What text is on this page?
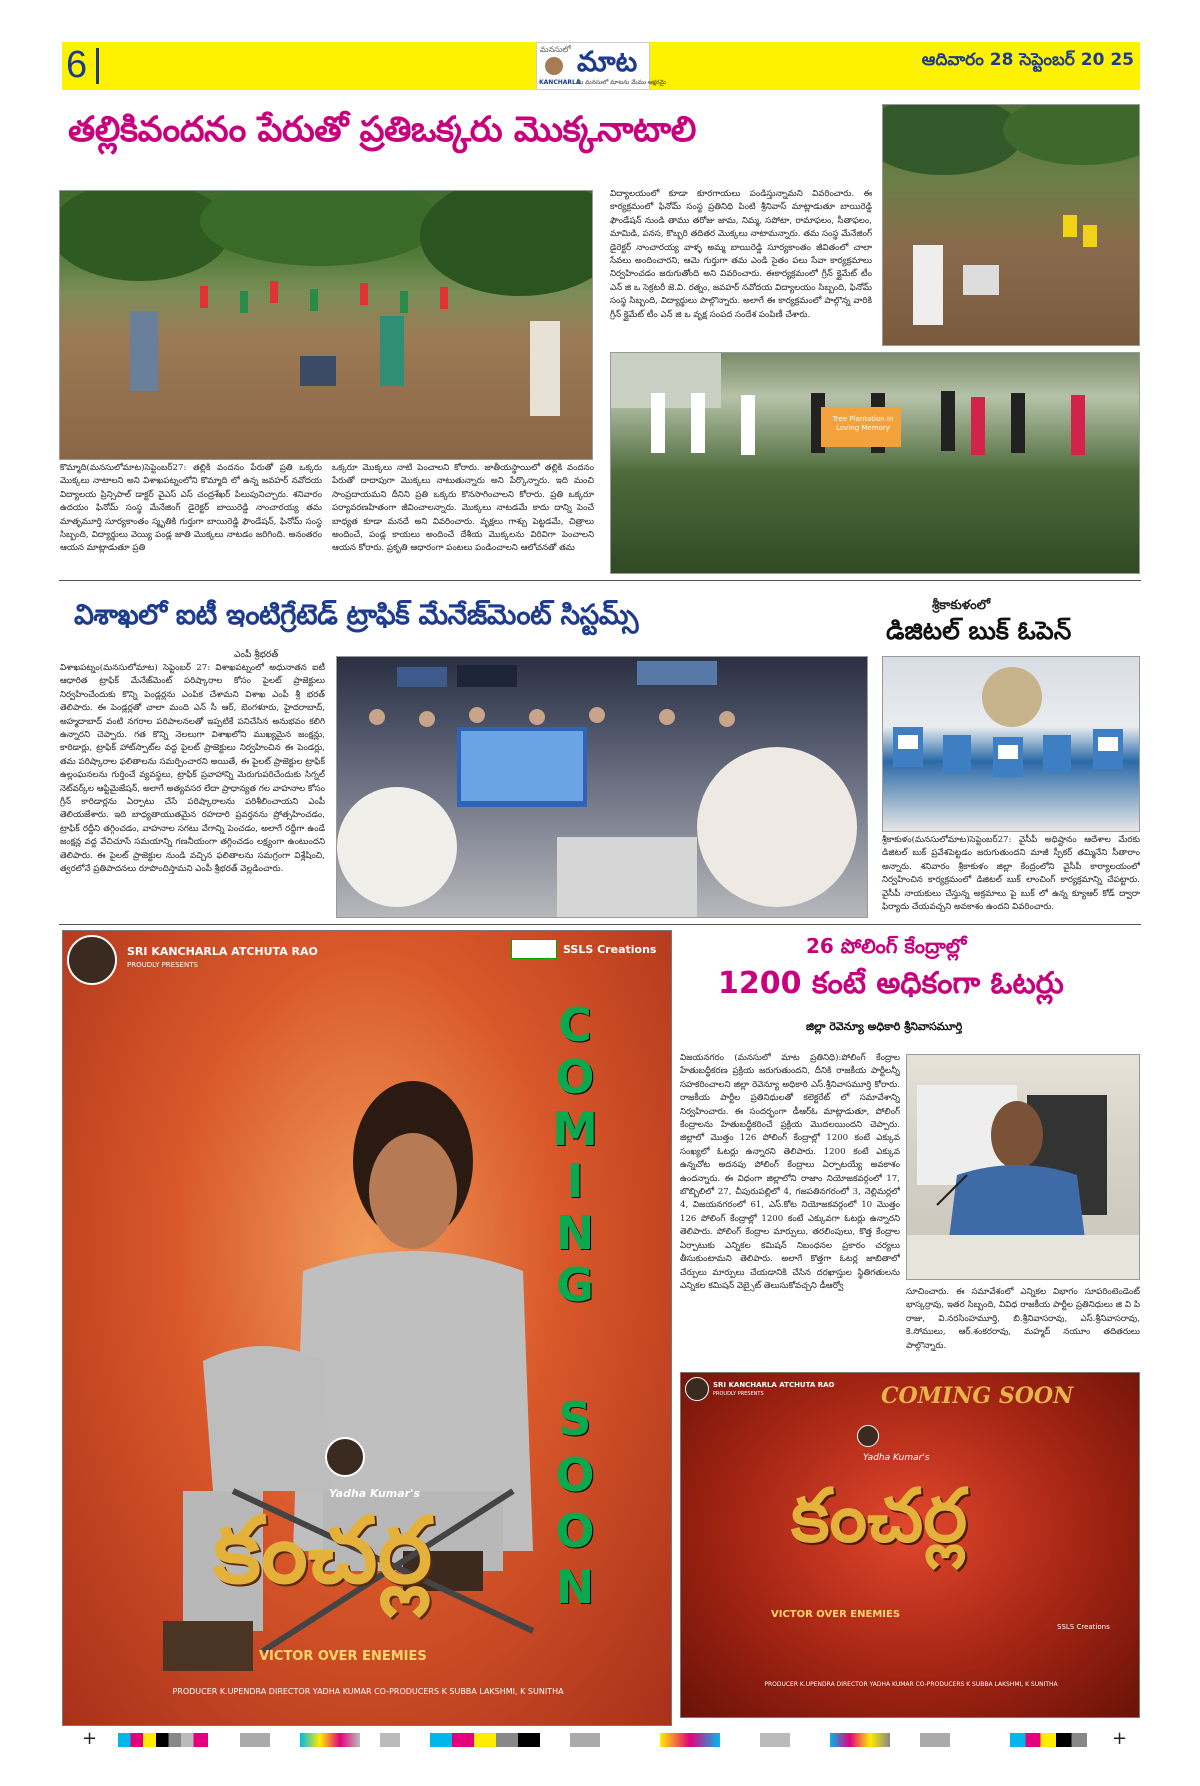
6	మనసులో మాట
KANCHARLA
మీ మనసులో మాటను మేము ఆక్షరమై
ఆదివారం 28 సెప్టెంబర్ 20 25
తల్లికివందనం పేరుతో ప్రతిఒక్కరు మొక్కనాటాలి
Tree Plantation In Loving Memory
కొమ్మాది(మనసులోమాట)సెప్టెంబర్27: తల్లికి వందనం పేరుతో ప్రతి ఒక్కరు మొక్కలు నాటాలని అని విశాఖపట్నంలోని కొమ్మాది లో ఉన్న జవహర్ నవోదయ విద్యాలయ ప్రిన్సిపాల్ డాక్టర్ వైఎస్ ఎస్ చంద్రశేఖర్ పిలుపునిచ్చారు. శనివారం ఉదయం ఫినోమ్ సంస్థ మేనేజింగ్ డైరెక్టర్ బాయిరెడ్డి నాంచారయ్య తమ మాతృమూర్తి సూర్యకాంతం స్మృతికి గుర్తుగా బాయిరెడ్డి ఫౌండేషన్, ఫినోమ్ సంస్థ సిబ్బంది, విద్యార్థులు వెయ్యి పండ్ల జాతి మొక్కలు నాటడం జరిగింది. అనంతరం ఆయన మాట్లాడుతూ ప్రతి
ఒక్కరూ మొక్కలు నాటి పెంచాలని కోరారు. జాతీయస్థాయిలో తల్లికి వందనం పేరుతో దాదాపుగా మొక్కలు నాటుతున్నారు అని పేర్కొన్నారు. ఇది మంచి సాంప్రదాయమని దీనిని ప్రతి ఒక్కరు కొనసాగించాలని కోరారు. ప్రతి ఒక్కరూ పర్యావరణహితంగా జీవించాలన్నారు. మొక్కలు నాటడమే కాదు దాన్ని పెంచే బాధ్యత కూడా మనదే అని వివరించారు. వృక్షలు గాశ్చు పెట్టడమే, చిత్రాలు అందించే, పండ్ల కాయలు అందించే దేశీయ మొక్కలను విరివిగా పెంచాలని ఆయన కోరారు. ప్రకృతి ఆధారంగా పంటలు పండించాలని ఆలోచనతో తమ
విద్యాలయంలో కూడా కూరగాయలు పండిస్తున్నామని వివరించారు. ఈ కార్యక్రమంలో ఫినోమ్ సంస్థ ప్రతినిధి పింటి శ్రీనివాస్ మాట్లాడుతూ బాయిరెడ్డి ఫౌండేషన్ నుండి తాము తరోజు జామ, నిమ్మ, సపోటా, రామాఫలం, సీతాఫలం, మామిడి, పనస, కొబ్బరి తదితర మొక్కలు నాటామన్నారు. తమ సంస్థ మేనేజింగ్ డైరెక్టర్ నాంచారయ్య వాళ్ళ అమ్మ బాయిరెడ్డి సూర్యకాంతం జీవితంలో చాలా సేవలు అందించారని, ఆమె గుర్తుగా తమ ఎండి సైతం పలు సేవా కార్యక్రమాలు నిర్వహించడం జరుగుతోంది అని వివరించారు. ఈకార్యక్రమంలో గ్రీన్ క్లైమేట్ టీం ఎన్ జి ఒ సెక్రటరీ జె.వి. రత్నం, జవహర్ నవోదయ విద్యాలయం సిబ్బంది, ఫినోమ్ సంస్థ సిబ్బంది, విద్యార్థులు పాల్గొన్నారు. అలాగే ఈ కార్యక్రమంలో పాల్గొన్న వారికి గ్రీన్ క్లైమేట్ టీం ఎన్ జి ఒ వృక్ష సంపద సందేశ పంపిణీ చేశారు.
విశాఖలో ఐటీ ఇంటిగ్రేటెడ్ ట్రాఫిక్ మేనేజ్‌మెంట్ సిస్టమ్స్
ఎంపీ శ్రీభరత్
విశాఖపట్నం(మనసులోమాట) సెప్టెంబర్ 27: విశాఖపట్నంలో అధునాతన ఐటీ ఆధారిత ట్రాఫిక్ మేనేజ్‌మెంట్ పరిష్కారాల కోసం పైలట్ ప్రాజెక్టులు నిర్వహించేందుకు కొన్ని పెండ్లర్లను ఎంపిక చేశామని విశాఖ ఎంపీ శ్రీ భరత్ తెలిపారు. ఈ పెండ్లర్లతో చాలా మంది ఎన్ సీ ఆర్, బెంగళూరు, హైదరాబాద్, అహ్మదాబాద్ వంటి నగరాల పరిపాలనలతో ఇప్పటికే పనిచేసిన అనుభవం కలిగి ఉన్నారని చెప్పారు. గత కొన్ని నెలలుగా విశాఖలోని ముఖ్యమైన జంక్షన్లు, కారిడార్లు, ట్రాఫిక్ హాట్‌స్పాట్‌ల వద్ద పైలట్ ప్రాజెక్టులు నిర్వహించిన ఈ పెండర్లు, తమ పరిష్కారాల ఫలితాలను సమర్పించారని అయితే, ఈ పైలట్ ప్రాజెక్టుల ట్రాఫిక్ ఉల్లంఘనలను గుర్తించే వ్యవస్థలు, ట్రాఫిక్ ప్రవాహాన్ని మెరుగుపరిచేందుకు సిగ్నల్ నెట్‌వర్క్‌ల ఆప్టిమైజేషన్, అలాగే అత్యవసర లేదా ప్రాధాన్యత గల వాహనాల కోసం గ్రీన్ కారిడార్లను ఏర్పాటు చేసే పరిష్కారాలను పరిశీలించాయని ఎంపీ తెలియజేశారు. ఇది బాధ్యతాయుతమైన రహదారి ప్రవర్తనను ప్రోత్సహించడం, ట్రాఫిక్ రద్దీని తగ్గించడం, వాహనాల సగటు వేగాన్ని పెంచడం, అలాగే రద్దీగా ఉండే జంక్షన్ల వద్ద వేచిచూసే సమయాన్ని గణనీయంగా తగ్గించడం లక్ష్యంగా ఉంటుందని తెలిపారు. ఈ పైలట్ ప్రాజెక్టుల నుండి వచ్చిన ఫలితాలను సమగ్రంగా విశ్లేషించి, త్వరలోనే ప్రతిపాదనలు రూపొందిస్తామని ఎంపీ శ్రీభరత్ వెల్లడించారు.
శ్రీకాకుళంలో
డిజిటల్ బుక్ ఓపెన్
శ్రీకాకుళం(మనసులోమాట)సెప్టెంబర్27: వైసీపీ అధిష్టానం ఆదేశాల మేరకు డిజిటల్ బుక్ ప్రవేశపెట్టడం జరుగుతుందని మాజీ స్పీకర్ తమ్మినేని సీతారాం అన్నారు. శనివారం శ్రీకాకుళం జిల్లా కేంద్రంలోని వైసీపీ కార్యాలయంలో నిర్వహించిన కార్యక్రమంలో డిజిటల్ బుక్ లాంచింగ్ కార్యక్రమాన్ని చేపట్టారు. వైసీపీ నాయకులు చేస్తున్న అక్రమాలు పై బుక్ లో ఉన్న క్యూఆర్ కోడ్ ద్వారా ఫిర్యాదు చేయవచ్చని అవకాశం ఉందని వివరించారు.
SRI KANCHARLA ATCHUTA RAO
PROUDLY PRESENTS
SSLS Creations
COMING
SOON
Yadha Kumar's
కంచర్ల
VICTOR OVER ENEMIES
PRODUCER K.UPENDRA DIRECTOR YADHA KUMAR CO-PRODUCERS K SUBBA LAKSHMI, K SUNITHA
26 పోలింగ్ కేంద్రాల్లో
1200 కంటే అధికంగా ఓటర్లు
జిల్లా రెవెన్యూ అధికారి శ్రీనివాసమూర్తి
విజయనగరం (మనసులో మాట ప్రతినిధి):పోలింగ్ కేంద్రాల హేతుబద్ధీకరణ ప్రక్రియ జరుగుతుందని, దీనికి రాజకీయ పార్టీలన్నీ సహకరించాలని జిల్లా రెవెన్యూ అధికారి ఎస్.శ్రీనివాసమూర్తి కోరారు. రాజకీయ పార్టీల ప్రతినిధులతో కలెక్టరేట్ లో సమావేశాన్ని నిర్వహించారు. ఈ సందర్భంగా డీఆర్‌ఓ మాట్లాడుతూ, పోలింగ్ కేంద్రాలను హేతుబద్ధీకరించే ప్రక్రియ మొదలయిందని చెప్పారు. జిల్లాలో మొత్తం 126 పోలింగ్ కేంద్రాల్లో 1200 కంటే ఎక్కువ సంఖ్యలో ఓటర్లు ఉన్నారని తెలిపారు. 1200 కంటే ఎక్కువ ఉన్నచోట అదనపు పోలింగ్ కేంద్రాలు ఏర్పాటయ్యే అవకాశం ఉందన్నారు. ఈ విధంగా జిల్లాలోని రాజాం నియోజకవర్గంలో 17, బొబ్బిలిలో 27, చీపురుపల్లిలో 4, గజపతినగరంలో 3, నెల్లిమర్లలో 4, విజయనగరంలో 61, ఎస్.కోట నియోజకవర్గంలో 10 మొత్తం 126 పోలింగ్ కేంద్రాల్లో 1200 కంటే ఎక్కువగా ఓటర్లు ఉన్నారని తెలిపారు. పోలింగ్ కేంద్రాల మార్పులు, తరలింపులు, కొత్త కేంద్రాల ఏర్పాటుకు ఎన్నికల కమిషన్ నిబంధనల ప్రకారం చర్యలు తీసుకుంటామని తెలిపారు. అలాగే కొత్తగా ఓటర్ల జాబితాలో చేర్పులు మార్పులు చేయడానికి చేసిన దరఖాస్తుల స్థితిగతులను ఎన్నికల కమిషన్ వెబ్సైట్ తెలుసుకోవచ్చని డీఆర్వో
సూచించారు. ఈ సమావేశంలో ఎన్నికల విభాగం సూపరింటెండెంట్ భాస్కర్రావు, ఇతర సిబ్బంది, వివిధ రాజకీయ పార్టీల ప్రతినిధులు జి వి పి రాజు, వి.నరసింహమూర్తి, బి.శ్రీనివాసరావు, ఎస్.శ్రీనివాసరావు, కె.సోములు, ఆర్.శంకరరావు, మహ్మద్ నయూం తదితరులు పాల్గొన్నారు.
SRI KANCHARLA ATCHUTA RAO
PROUDLY PRESENTS	COMING SOON
Yadha Kumar's
కంచర్ల
VICTOR OVER ENEMIES
SSLS Creations
PRODUCER K.UPENDRA DIRECTOR YADHA KUMAR CO-PRODUCERS K SUBBA LAKSHMI, K SUNITHA
+	+
